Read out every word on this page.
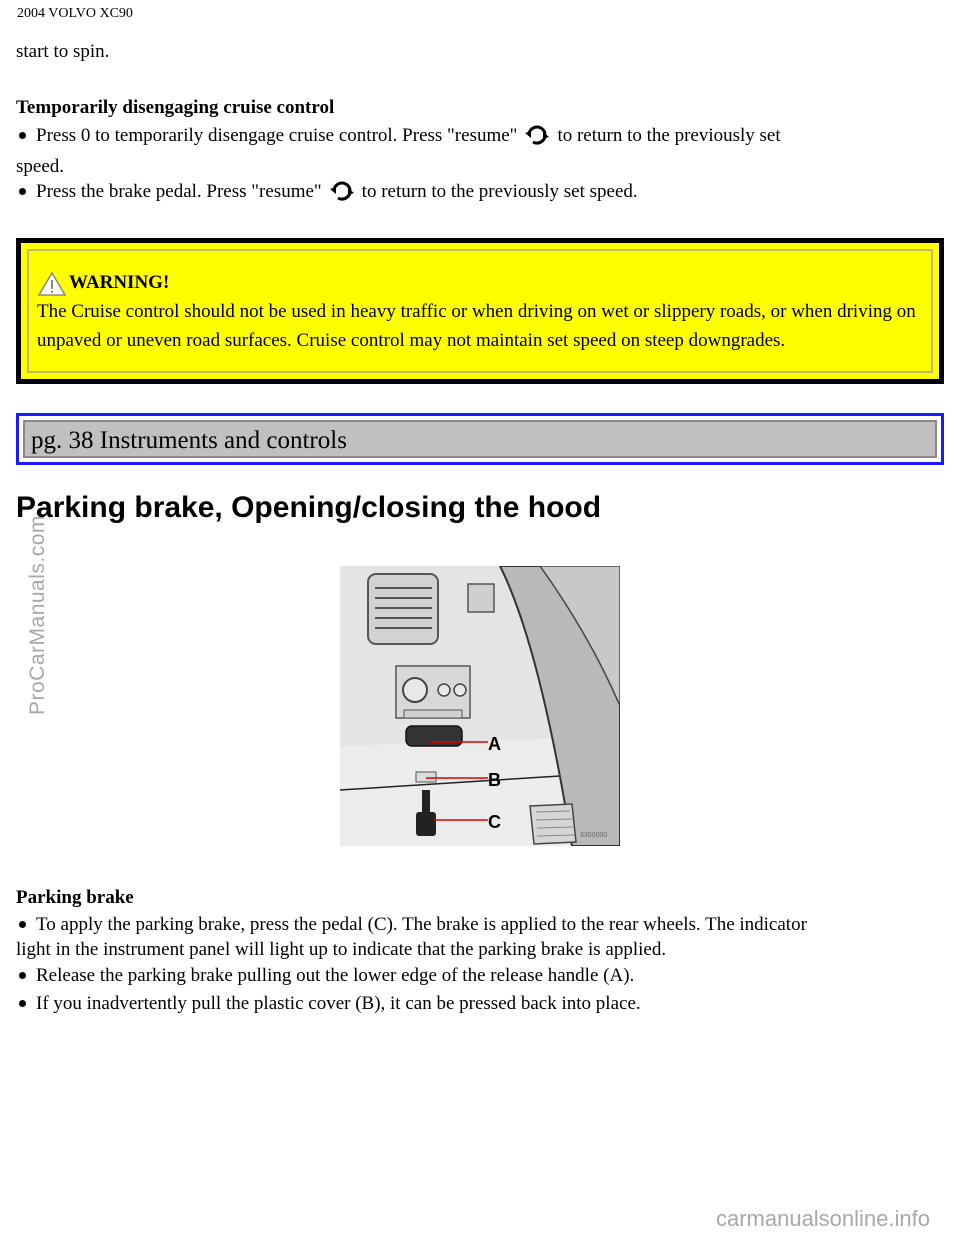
2004 VOLVO XC90
start to spin.
Temporarily disengaging cruise control
Press 0 to temporarily disengage cruise control. Press "resume" to return to the previously set
speed.
Press the brake pedal. Press "resume" to return to the previously set speed.
WARNING!
The Cruise control should not be used in heavy traffic or when driving on wet or slippery roads, or when driving on unpaved or uneven road surfaces. Cruise control may not maintain set speed on steep downgrades.
pg. 38 Instruments and controls
Parking brake, Opening/closing the hood
A
B
C
3300000
Parking brake
To apply the parking brake, press the pedal (C). The brake is applied to the rear wheels. The indicator
light in the instrument panel will light up to indicate that the parking brake is applied.
Release the parking brake pulling out the lower edge of the release handle (A).
If you inadvertently pull the plastic cover (B), it can be pressed back into place.
ProCarManuals.com
carmanualsonline.info
